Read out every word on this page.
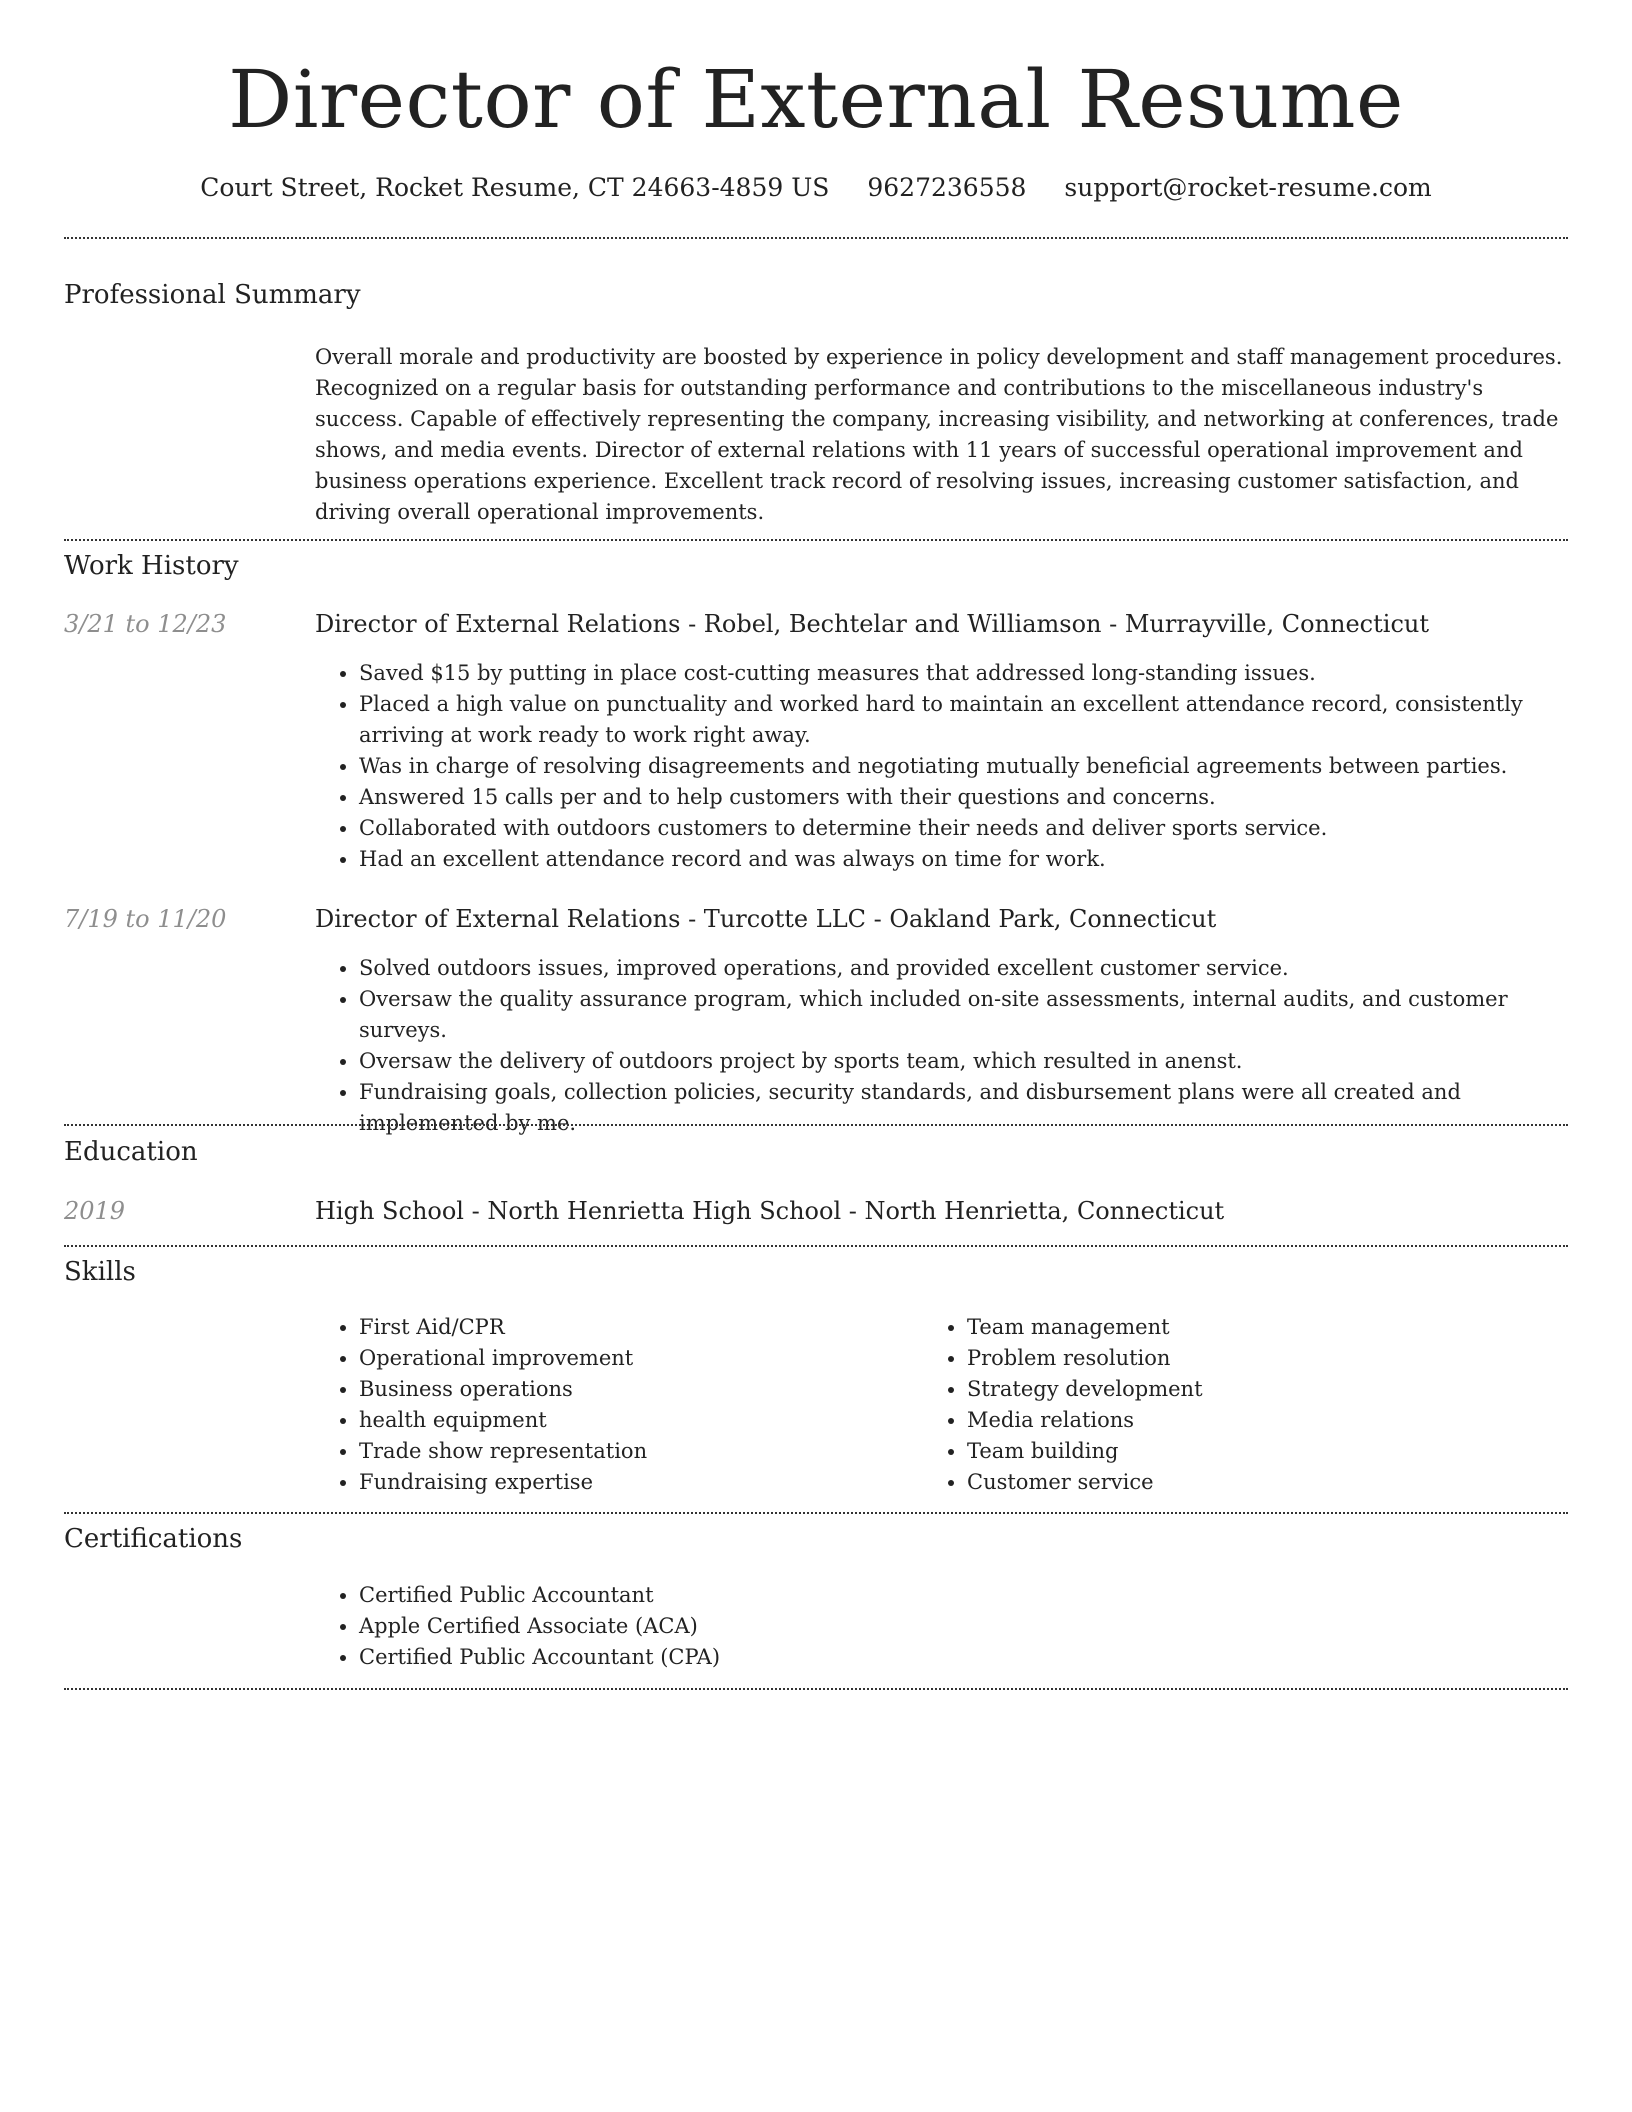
Director of External Resume
Court Street, Rocket Resume, CT 24663-4859 US 9627236558 support@rocket-resume.com
Professional Summary

Overall morale and productivity are boosted by experience in policy development and staff management procedures. Recognized on a regular basis for outstanding performance and contributions to the miscellaneous industry's success. Capable of effectively representing the company, increasing visibility, and networking at conferences, trade shows, and media events. Director of external relations with 11 years of successful operational improvement and business operations experience. Excellent track record of resolving issues, increasing customer satisfaction, and driving overall operational improvements.

Work History
3/21 to 12/23	Director of External Relations - Robel, Bechtelar and Williamson - Murrayville, Connecticut
• Saved $15 by putting in place cost-cutting measures that addressed long-standing issues.
• Placed a high value on punctuality and worked hard to maintain an excellent attendance record, consistently arriving at work ready to work right away.
• Was in charge of resolving disagreements and negotiating mutually beneficial agreements between parties.
• Answered 15 calls per and to help customers with their questions and concerns.
• Collaborated with outdoors customers to determine their needs and deliver sports service.
• Had an excellent attendance record and was always on time for work.
7/19 to 11/20	Director of External Relations - Turcotte LLC - Oakland Park, Connecticut
• Solved outdoors issues, improved operations, and provided excellent customer service.
• Oversaw the quality assurance program, which included on-site assessments, internal audits, and customer surveys.
• Oversaw the delivery of outdoors project by sports team, which resulted in anenst.
• Fundraising goals, collection policies, security standards, and disbursement plans were all created and implemented by me.
Education
2019	High School - North Henrietta High School - North Henrietta, Connecticut
Skills
• First Aid/CPR
• Operational improvement
• Business operations
• health equipment
• Trade show representation
• Fundraising expertise
• Team management
• Problem resolution
• Strategy development
• Media relations
• Team building
• Customer service
Certifications
• Certified Public Accountant
• Apple Certified Associate (ACA)
• Certified Public Accountant (CPA)
